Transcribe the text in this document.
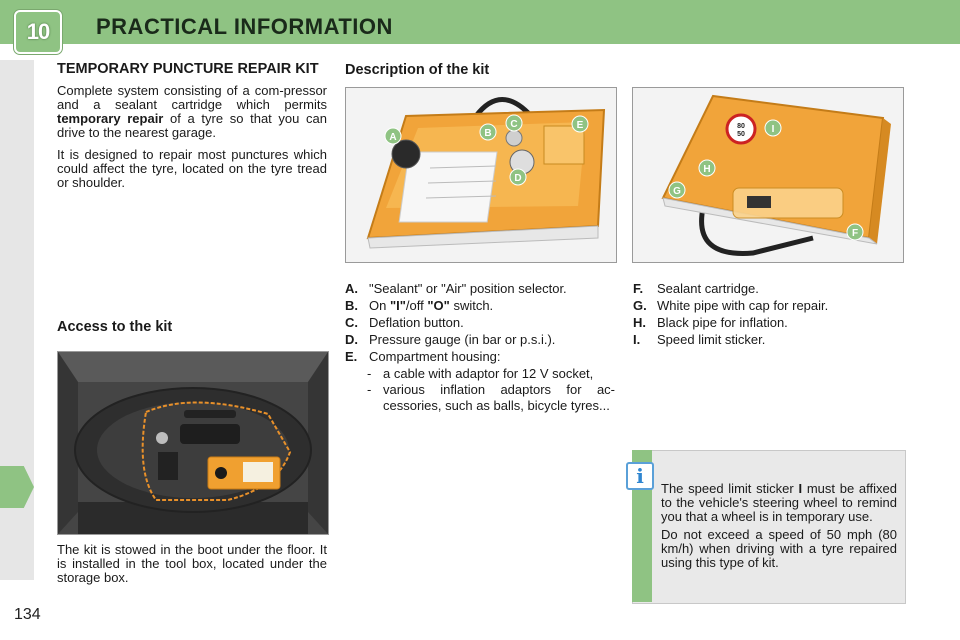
10	PRACTICAL INFORMATION
TEMPORARY PUNCTURE REPAIR KIT

Complete system consisting of a com-pressor and a sealant cartridge which permits temporary repair of a tyre so that you can drive to the nearest garage.

It is designed to repair most punctures which could affect the tyre, located on the tyre tread or shoulder.

Access to the kit
The kit is stowed in the boot under the floor. It is installed in the tool box, located under the storage box.
Description of the kit
A	B
C
D
E	80
50	I
H
G
F
A. "Sealant" or "Air" position selector.
B. On "I"/off "O" switch.
C. Deflation button.
D. Pressure gauge (in bar or p.s.i.).
E. Compartment housing:
- a cable with adaptor for 12 V socket,
- various inflation adaptors for ac-cessories, such as balls, bicycle tyres...
F. Sealant cartridge.
G. White pipe with cap for repair.
H. Black pipe for inflation.
I. Speed limit sticker.
i

The speed limit sticker I must be affixed to the vehicle's steering wheel to remind you that a wheel is in temporary use.

Do not exceed a speed of 50 mph (80 km/h) when driving with a tyre repaired using this type of kit.

134
